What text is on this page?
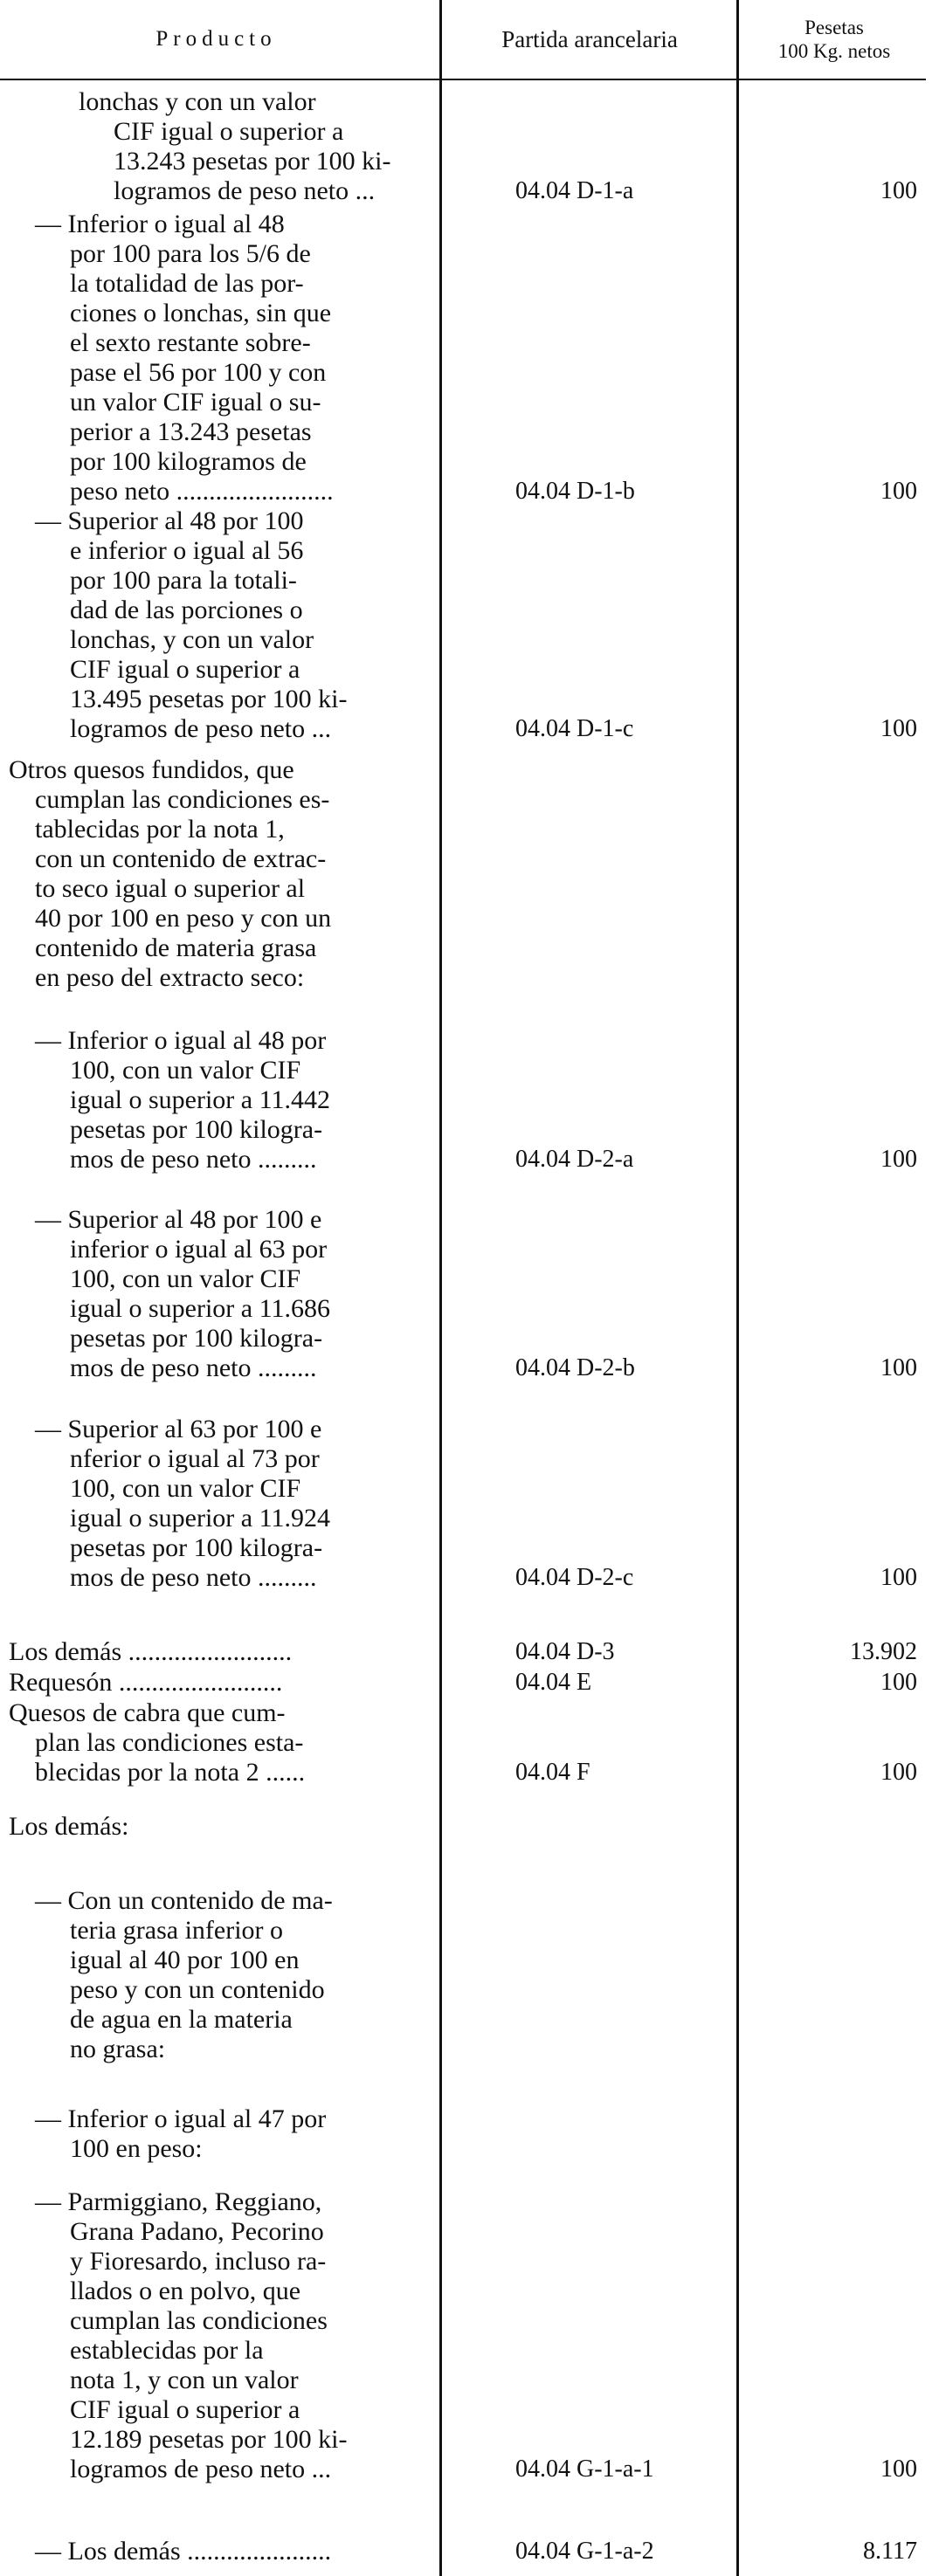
Producto	Partida arancelaria	Pesetas
100 Kg. netos
lonchas y con un valor
CIF igual o superior a
13.243 pesetas por 100 ki-
logramos de peso neto ...	04.04 D-1-a	100
— Inferior o igual al 48
por 100 para los 5/6 de
la totalidad de las por-
ciones o lonchas, sin que
el sexto restante sobre-
pase el 56 por 100 y con
un valor CIF igual o su-
perior a 13.243 pesetas
por 100 kilogramos de
peso neto ........................	04.04 D-1-b	100
— Superior al 48 por 100
e inferior o igual al 56
por 100 para la totali-
dad de las porciones o
lonchas, y con un valor
CIF igual o superior a
13.495 pesetas por 100 ki-
logramos de peso neto ...	04.04 D-1-c	100
Otros quesos fundidos, que
cumplan las condiciones es-
tablecidas por la nota 1,
con un contenido de extrac-
to seco igual o superior al
40 por 100 en peso y con un
contenido de materia grasa
en peso del extracto seco:
— Inferior o igual al 48 por
100, con un valor CIF
igual o superior a 11.442
pesetas por 100 kilogra-
mos de peso neto .........	04.04 D-2-a	100
— Superior al 48 por 100 e
inferior o igual al 63 por
100, con un valor CIF
igual o superior a 11.686
pesetas por 100 kilogra-
mos de peso neto .........	04.04 D-2-b	100
— Superior al 63 por 100 e
nferior o igual al 73 por
100, con un valor CIF
igual o superior a 11.924
pesetas por 100 kilogra-
mos de peso neto .........	04.04 D-2-c	100
Los demás .........................	04.04 D-3	13.902
Requesón .........................	04.04 E	100
Quesos de cabra que cum-
plan las condiciones esta-
blecidas por la nota 2 ......	04.04 F	100
Los demás:
— Con un contenido de ma-
teria grasa inferior o
igual al 40 por 100 en
peso y con un contenido
de agua en la materia
no grasa:
— Inferior o igual al 47 por
100 en peso:
— Parmiggiano, Reggiano,
Grana Padano, Pecorino
y Fioresardo, incluso ra-
llados o en polvo, que
cumplan las condiciones
establecidas por la
nota 1, y con un valor
CIF igual o superior a
12.189 pesetas por 100 ki-
logramos de peso neto ...	04.04 G-1-a-1	100
— Los demás ......................	04.04 G-1-a-2	8.117
